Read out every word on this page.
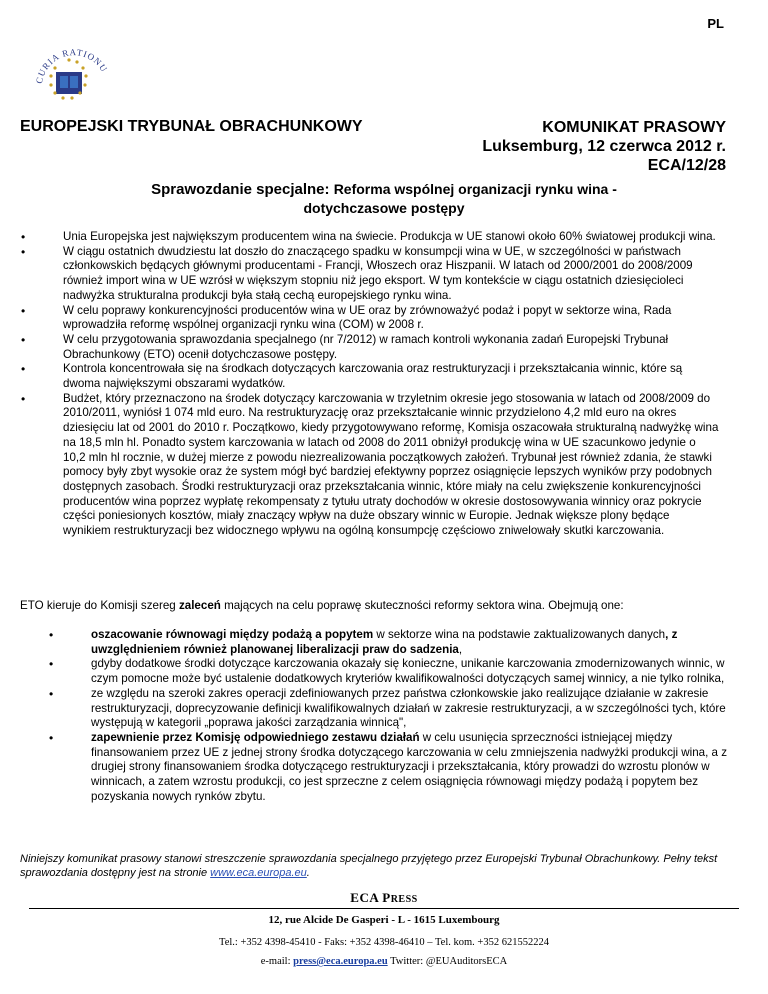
PL
CURIA RATIONU
EUROPEJSKI TRYBUNAŁ OBRACHUNKOWY	KOMUNIKAT PRASOWY
Luksemburg, 12 czerwca 2012 r.
ECA/12/28
Sprawozdanie specjalne: Reforma wspólnej organizacji rynku wina -
dotychczasowe postępy
• Unia Europejska jest największym producentem wina na świecie. Produkcja w UE stanowi około 60% światowej produkcji wina.
• W ciągu ostatnich dwudziestu lat doszło do znaczącego spadku w konsumpcji wina w UE, w szczególności w państwach członkowskich będących głównymi producentami - Francji, Włoszech oraz Hiszpanii. W latach od 2000/2001 do 2008/2009 również import wina w UE wzrósł w większym stopniu niż jego eksport. W tym kontekście w ciągu ostatnich dziesięcioleci nadwyżka strukturalna produkcji była stałą cechą europejskiego rynku wina.
• W celu poprawy konkurencyjności producentów wina w UE oraz by zrównoważyć podaż i popyt w sektorze wina, Rada wprowadziła reformę wspólnej organizacji rynku wina (COM) w 2008 r.
• W celu przygotowania sprawozdania specjalnego (nr 7/2012) w ramach kontroli wykonania zadań Europejski Trybunał Obrachunkowy (ETO) ocenił dotychczasowe postępy.
• Kontrola koncentrowała się na środkach dotyczących karczowania oraz restrukturyzacji i przekształcania winnic, które są dwoma największymi obszarami wydatków.
• Budżet, który przeznaczono na środek dotyczący karczowania w trzyletnim okresie jego stosowania w latach od 2008/2009 do 2010/2011, wyniósł 1 074 mld euro. Na restrukturyzację oraz przekształcanie winnic przydzielono 4,2 mld euro na okres dziesięciu lat od 2001 do 2010 r. Początkowo, kiedy przygotowywano reformę, Komisja oszacowała strukturalną nadwyżkę wina na 18,5 mln hl. Ponadto system karczowania w latach od 2008 do 2011 obniżył produkcję wina w UE szacunkowo jedynie o 10,2 mln hl rocznie, w dużej mierze z powodu niezrealizowania początkowych założeń. Trybunał jest również zdania, że stawki pomocy były zbyt wysokie oraz że system mógł być bardziej efektywny poprzez osiągnięcie lepszych wyników przy podobnych dostępnych zasobach. Środki restrukturyzacji oraz przekształcania winnic, które miały na celu zwiększenie konkurencyjności producentów wina poprzez wypłatę rekompensaty z tytułu utraty dochodów w okresie dostosowywania winnicy oraz pokrycie części poniesionych kosztów, miały znaczący wpływ na duże obszary winnic w Europie. Jednak większe plony będące wynikiem restrukturyzacji bez widocznego wpływu na ogólną konsumpcję częściowo zniwelowały skutki karczowania.
ETO kieruje do Komisji szereg zaleceń mających na celu poprawę skuteczności reformy sektora wina. Obejmują one:
• oszacowanie równowagi między podażą a popytem w sektorze wina na podstawie zaktualizowanych danych, z uwzględnieniem również planowanej liberalizacji praw do sadzenia,
• gdyby dodatkowe środki dotyczące karczowania okazały się konieczne, unikanie karczowania zmodernizowanych winnic, w czym pomocne może być ustalenie dodatkowych kryteriów kwalifikowalności dotyczących samej winnicy, a nie tylko rolnika,
• ze względu na szeroki zakres operacji zdefiniowanych przez państwa członkowskie jako realizujące działanie w zakresie restrukturyzacji, doprecyzowanie definicji kwalifikowalnych działań w zakresie restrukturyzacji, a w szczególności tych, które występują w kategorii „poprawa jakości zarządzania winnicą",
• zapewnienie przez Komisję odpowiedniego zestawu działań w celu usunięcia sprzeczności istniejącej między finansowaniem przez UE z jednej strony środka dotyczącego karczowania w celu zmniejszenia nadwyżki produkcji wina, a z drugiej strony finansowaniem środka dotyczącego restrukturyzacji i przekształcania, który prowadzi do wzrostu plonów w winnicach, a zatem wzrostu produkcji, co jest sprzeczne z celem osiągnięcia równowagi między podażą i popytem bez pozyskania nowych rynków zbytu.
Niniejszy komunikat prasowy stanowi streszczenie sprawozdania specjalnego przyjętego przez Europejski Trybunał Obrachunkowy. Pełny tekst sprawozdania dostępny jest na stronie www.eca.europa.eu.
ECA PRESS
12, rue Alcide De Gasperi - L - 1615 Luxembourg
Tel.: +352 4398-45410 - Faks: +352 4398-46410 – Tel. kom. +352 621552224
e-mail: press@eca.europa.eu Twitter: @EUAuditorsECA
